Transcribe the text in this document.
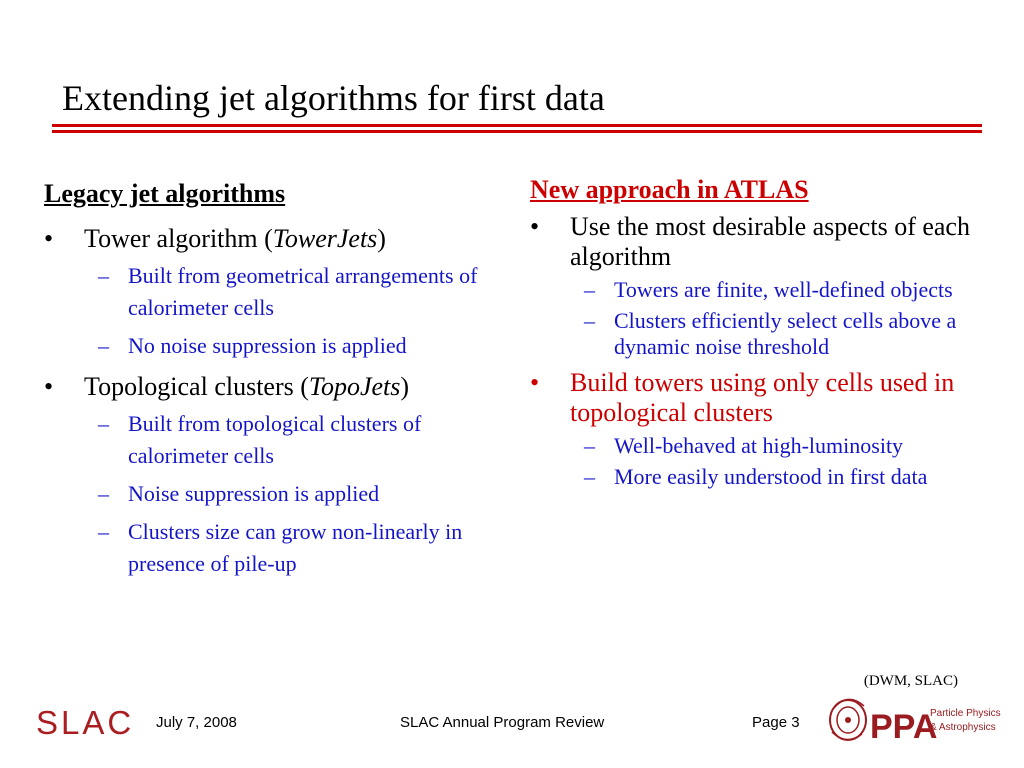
Extending jet algorithms for first data
Legacy jet algorithms
•	Tower algorithm (TowerJets)
– Built from geometrical arrangements of calorimeter cells
– No noise suppression is applied
•	Topological clusters (TopoJets)
– Built from topological clusters of calorimeter cells
– Noise suppression is applied
– Clusters size can grow non-linearly in presence of pile-up
New approach in ATLAS
•	Use the most desirable aspects of each algorithm
– Towers are finite, well-defined objects
– Clusters efficiently select cells above a dynamic noise threshold
•	Build towers using only cells used in topological clusters
– Well-behaved at high-luminosity
– More easily understood in first data
(DWM, SLAC)
SLAC July 7, 2008	SLAC Annual Program Review	Page 3 PPA
Particle Physics
& Astrophysics
